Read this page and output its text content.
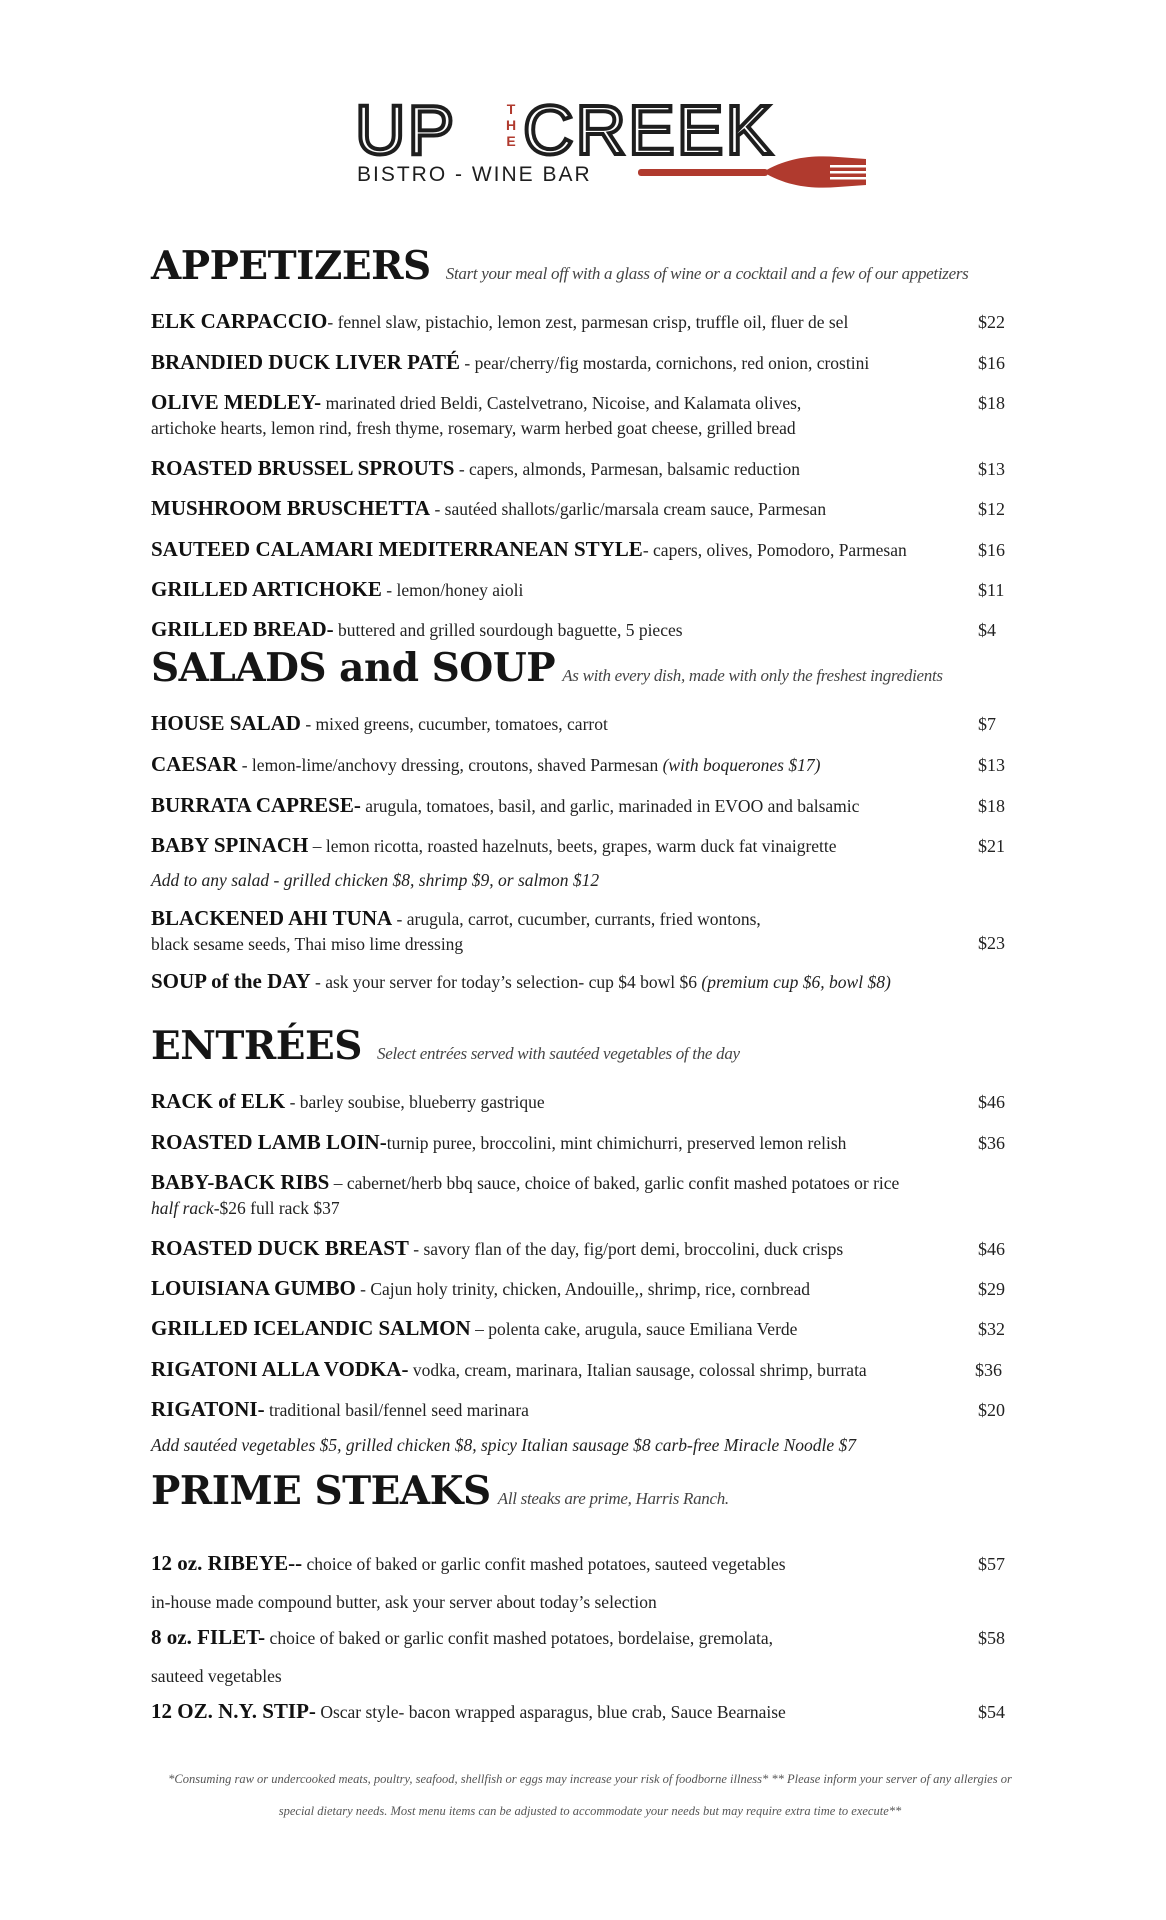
UP	THE CREEK
BISTRO - WINE BAR
APPETIZERS Start your meal off with a glass of wine or a cocktail and a few of our appetizers
ELK CARPACCIO- fennel slaw, pistachio, lemon zest, parmesan crisp, truffle oil, fluer de sel	$22
BRANDIED DUCK LIVER PATÉ - pear/cherry/fig mostarda, cornichons, red onion, crostini	$16
OLIVE MEDLEY- marinated dried Beldi, Castelvetrano, Nicoise, and Kalamata olives,
artichoke hearts, lemon rind, fresh thyme, rosemary, warm herbed goat cheese, grilled bread
$18
ROASTED BRUSSEL SPROUTS - capers, almonds, Parmesan, balsamic reduction	$13
MUSHROOM BRUSCHETTA - sautéed shallots/garlic/marsala cream sauce, Parmesan	$12
SAUTEED CALAMARI MEDITERRANEAN STYLE- capers, olives, Pomodoro, Parmesan	$16
GRILLED ARTICHOKE - lemon/honey aioli	$11
GRILLED BREAD- buttered and grilled sourdough baguette, 5 pieces	$4
SALADS and SOUP As with every dish, made with only the freshest ingredients
HOUSE SALAD - mixed greens, cucumber, tomatoes, carrot	$7
CAESAR - lemon-lime/anchovy dressing, croutons, shaved Parmesan (with boquerones $17)	$13
BURRATA CAPRESE- arugula, tomatoes, basil, and garlic, marinaded in EVOO and balsamic	$18
BABY SPINACH – lemon ricotta, roasted hazelnuts, beets, grapes, warm duck fat vinaigrette	$21
Add to any salad - grilled chicken $8, shrimp $9, or salmon $12
BLACKENED AHI TUNA - arugula, carrot, cucumber, currants, fried wontons,
black sesame seeds, Thai miso lime dressing	$23
SOUP of the DAY - ask your server for today’s selection- cup $4 bowl $6 (premium cup $6, bowl $8)
ENTRÉES Select entrées served with sautéed vegetables of the day
RACK of ELK - barley soubise, blueberry gastrique	$46
ROASTED LAMB LOIN-turnip puree, broccolini, mint chimichurri, preserved lemon relish	$36
BABY-BACK RIBS – cabernet/herb bbq sauce, choice of baked, garlic confit mashed potatoes or rice
half rack-$26 full rack $37
ROASTED DUCK BREAST - savory flan of the day, fig/port demi, broccolini, duck crisps	$46
LOUISIANA GUMBO - Cajun holy trinity, chicken, Andouille,, shrimp, rice, cornbread	$29
GRILLED ICELANDIC SALMON – polenta cake, arugula, sauce Emiliana Verde	$32
RIGATONI ALLA VODKA- vodka, cream, marinara, Italian sausage, colossal shrimp, burrata	$36
RIGATONI- traditional basil/fennel seed marinara	$20
Add sautéed vegetables $5, grilled chicken $8, spicy Italian sausage $8 carb-free Miracle Noodle $7
PRIME STEAKS All steaks are prime, Harris Ranch.
12 oz. RIBEYE-- choice of baked or garlic confit mashed potatoes, sauteed vegetables
in-house made compound butter, ask your server about today’s selection
$57
8 oz. FILET- choice of baked or garlic confit mashed potatoes, bordelaise, gremolata,
sauteed vegetables
$58
12 OZ. N.Y. STIP- Oscar style- bacon wrapped asparagus, blue crab, Sauce Bearnaise	$54
*Consuming raw or undercooked meats, poultry, seafood, shellfish or eggs may increase your risk of foodborne illness* ** Please inform your server of any allergies or
special dietary needs. Most menu items can be adjusted to accommodate your needs but may require extra time to execute**
